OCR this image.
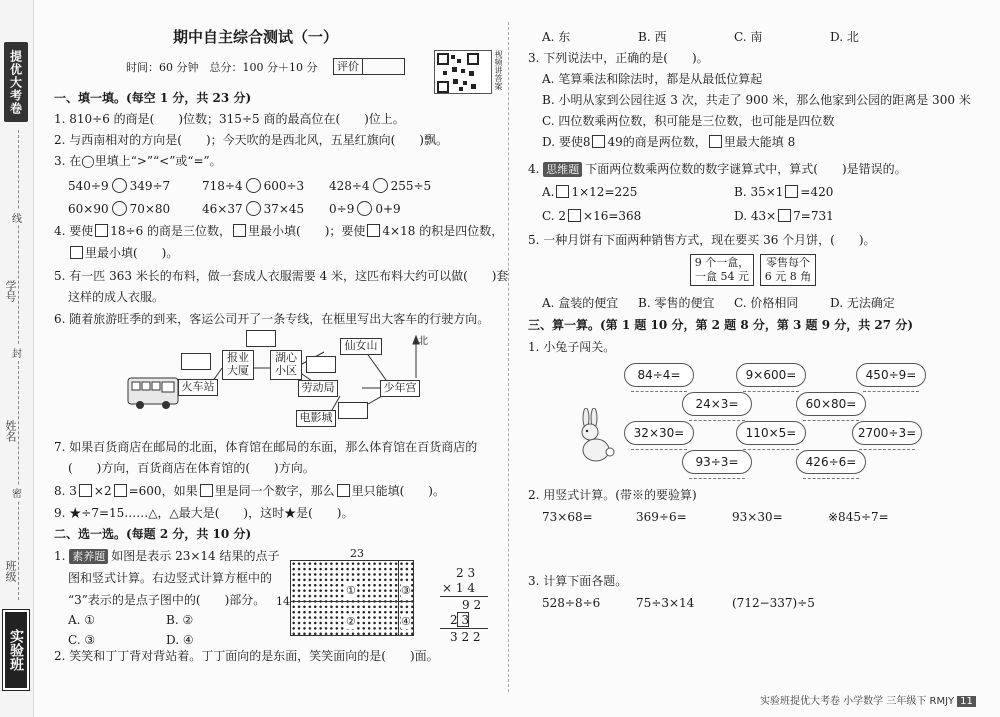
提优大考卷
线
封
密
学号
姓名
班级
实验班
期中自主综合测试（一）
时间：60 分钟　总分：100 分＋10 分 评价	视频讲答案
一、填一填。(每空 1 分，共 23 分)
1. 810÷6 的商是(　　)位数；315÷5 商的最高位在(　　)位上。
2. 与西南相对的方向是(　　)；今天吹的是西北风，五星红旗向(　　)飘。
3. 在◯里填上“>”“<”或“=”。
540÷9 349÷7	718÷4 600÷3 428÷4 255÷5
60×90 70×80	46×37 37×45 0÷9 0+9
4. 要使 18÷6 的商是三位数， 里最小填(　　)；要使 4×18 的积是四位数，
里最小填(　　)。
5. 有一匹 363 米长的布料，做一套成人衣服需要 4 米，这匹布料大约可以做(　　)套
这样的成人衣服。
6. 随着旅游旺季的到来，客运公司开了一条专线，在框里写出大客车的行驶方向。
火车站
报业
大厦
湖心
小区
仙女山
劳动局	少年宫
电影城
北
7. 如果百货商店在邮局的北面，体育馆在邮局的东面，那么体育馆在百货商店的
(　　)方向，百货商店在体育馆的(　　)方向。
8. 3 ×2 =600，如果 里是同一个数字，那么 里只能填(　　)。
9. ★÷7=15……△，△最大是(　　)，这时★是(　　)。
二、选一选。(每题 2 分，共 10 分)
1. 素养题 如图是表示 23×14 结果的点子
图和竖式计算。右边竖式计算方框中的
“3”表示的是点子图中的(　　)部分。
A. ①	B. ②
C. ③	D. ④
23
14
①
②
③
④
2 3
× 1 4
9 2
2 3
3 2 2
2. 笑笑和丁丁背对背站着。丁丁面向的是东面，笑笑面向的是(　　)面。
A. 东	B. 西	C. 南	D. 北
3. 下列说法中，正确的是(　　)。
A. 笔算乘法和除法时，都是从最低位算起
B. 小明从家到公园往返 3 次，共走了 900 米，那么他家到公园的距离是 300 米
C. 四位数乘两位数，积可能是三位数，也可能是四位数
D. 要使8 49的商是两位数， 里最大能填 8
4. 思维题 下面两位数乘两位数的数字谜算式中，算式(　　)是错误的。
A. 1×12=225	B. 35×1 =420
C. 2 ×16=368	D. 43× 7=731
5. 一种月饼有下面两种销售方式，现在要买 36 个月饼，(　　)。
9 个一盒，
一盒 54 元
零售每个
6 元 8 角
A. 盒装的便宜 B. 零售的便宜 C. 价格相同	D. 无法确定
三、算一算。(第 1 题 10 分，第 2 题 8 分，第 3 题 9 分，共 27 分)
1. 小兔子闯关。
84÷4=	9×600=	450÷9=
24×3=	60×80=
32×30=	110×5=	2700÷3=
93÷3=	426÷6=
2. 用竖式计算。(带※的要验算)
73×68=	369÷6=	93×30=	※845÷7=
3. 计算下面各题。
528÷8÷6	75÷3×14	(712−337)÷5
实验班提优大考卷 小学数学 三年级下 RMJY 11
